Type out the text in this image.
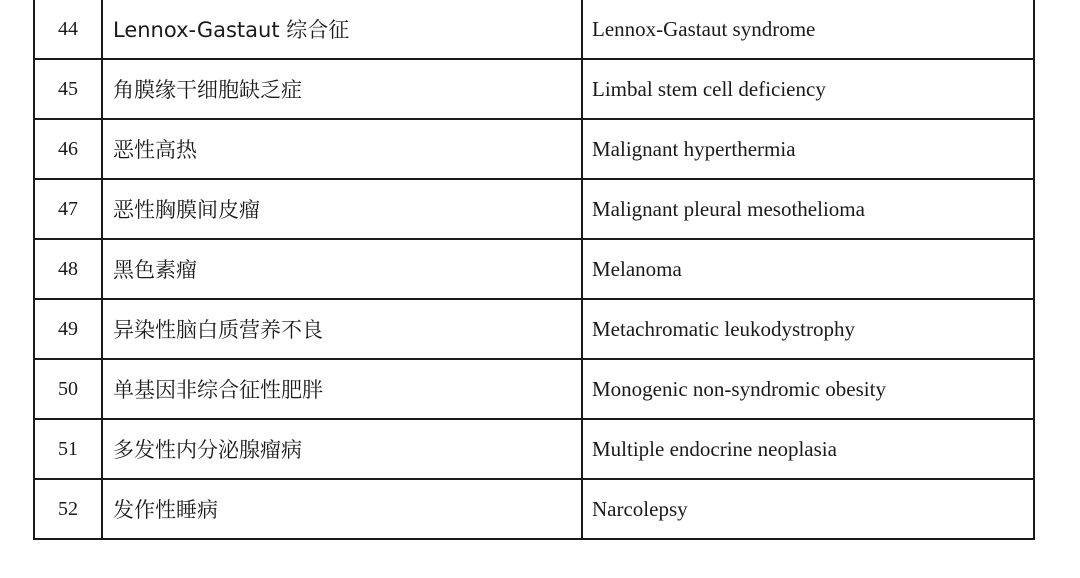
44	Lennox-Gastaut 综合征	Lennox-Gastaut syndrome
45	角膜缘干细胞缺乏症	Limbal stem cell deficiency
46	恶性高热	Malignant hyperthermia
47	恶性胸膜间皮瘤	Malignant pleural mesothelioma
48	黑色素瘤	Melanoma
49	异染性脑白质营养不良	Metachromatic leukodystrophy
50	单基因非综合征性肥胖	Monogenic non-syndromic obesity
51	多发性内分泌腺瘤病	Multiple endocrine neoplasia
52	发作性睡病	Narcolepsy
